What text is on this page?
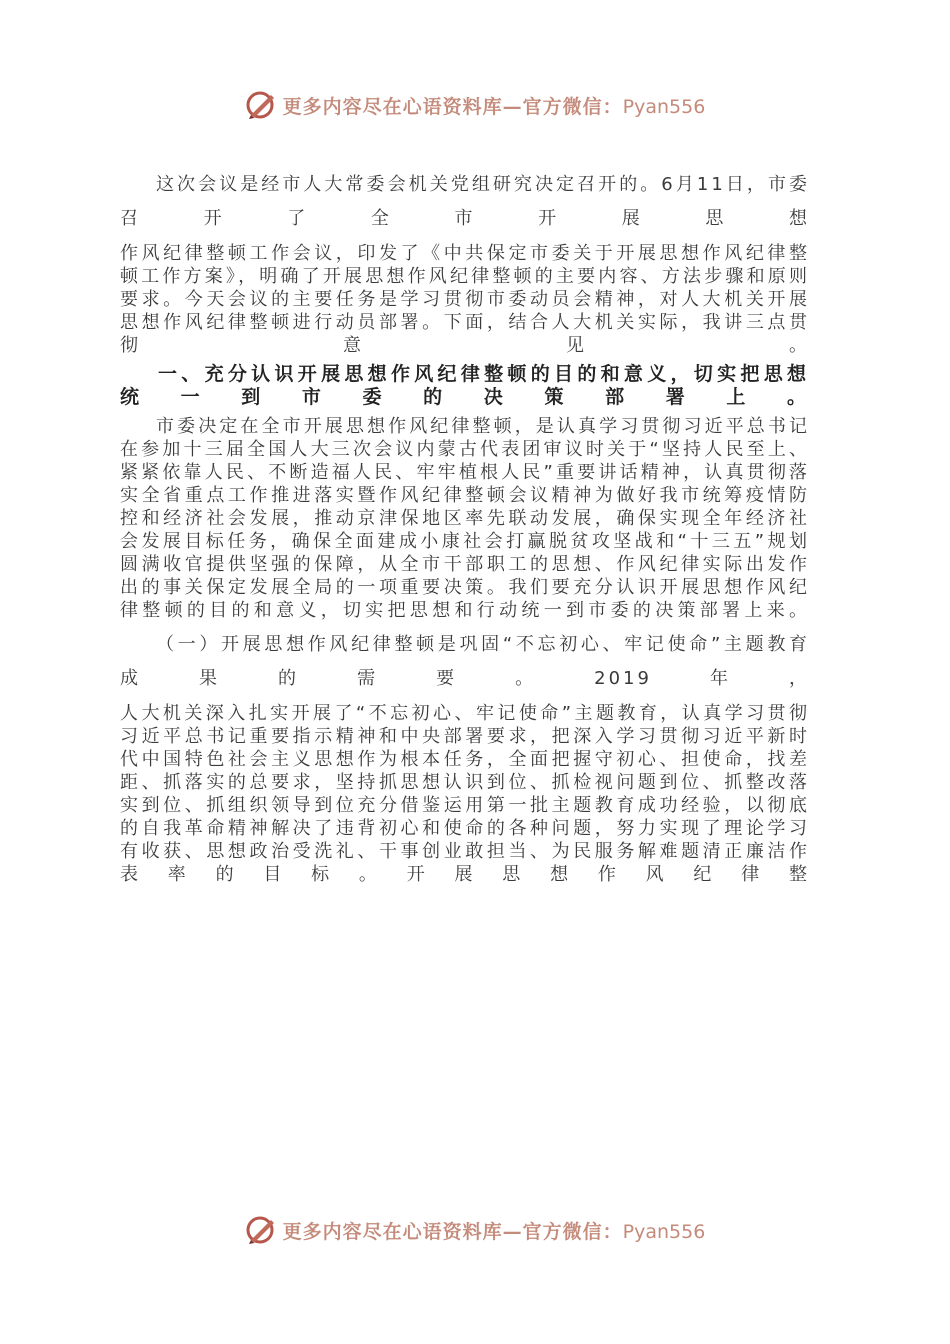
更多内容尽在心语资料库—官方微信：Pyan556

这次会议是经市人大常委会机关党组研究决定召开的。6月11日，市委召开了全市开展思想

作风纪律整顿工作会议，印发了《中共保定市委关于开展思想作风纪律整顿工作方案》，明确了开展思想作风纪律整顿的主要内容、方法步骤和原则要求。今天会议的主要任务是学习贯彻市委动员会精神，对人大机关开展思想作风纪律整顿进行动员部署。下面，结合人大机关实际，我讲三点贯彻意见。

一、充分认识开展思想作风纪律整顿的目的和意义，切实把思想统一到市委的决策部署上。

市委决定在全市开展思想作风纪律整顿，是认真学习贯彻习近平总书记在参加十三届全国人大三次会议内蒙古代表团审议时关于“坚持人民至上、紧紧依靠人民、不断造福人民、牢牢植根人民”重要讲话精神，认真贯彻落实全省重点工作推进落实暨作风纪律整顿会议精神为做好我市统筹疫情防控和经济社会发展，推动京津保地区率先联动发展，确保实现全年经济社会发展目标任务，确保全面建成小康社会打赢脱贫攻坚战和“十三五”规划圆满收官提供坚强的保障，从全市干部职工的思想、作风纪律实际出发作出的事关保定发展全局的一项重要决策。我们要充分认识开展思想作风纪律整顿的目的和意义，切实把思想和行动统一到市委的决策部署上来。

（一）开展思想作风纪律整顿是巩固“不忘初心、牢记使命”主题教育成果的需要。2019年，

人大机关深入扎实开展了“不忘初心、牢记使命”主题教育，认真学习贯彻习近平总书记重要指示精神和中央部署要求，把深入学习贯彻习近平新时代中国特色社会主义思想作为根本任务，全面把握守初心、担使命，找差距、抓落实的总要求，坚持抓思想认识到位、抓检视问题到位、抓整改落实到位、抓组织领导到位充分借鉴运用第一批主题教育成功经验，以彻底的自我革命精神解决了违背初心和使命的各种问题，努力实现了理论学习有收获、思想政治受洗礼、干事创业敢担当、为民服务解难题清正廉洁作表率的目标。开展思想作风纪律整

更多内容尽在心语资料库—官方微信：Pyan556
